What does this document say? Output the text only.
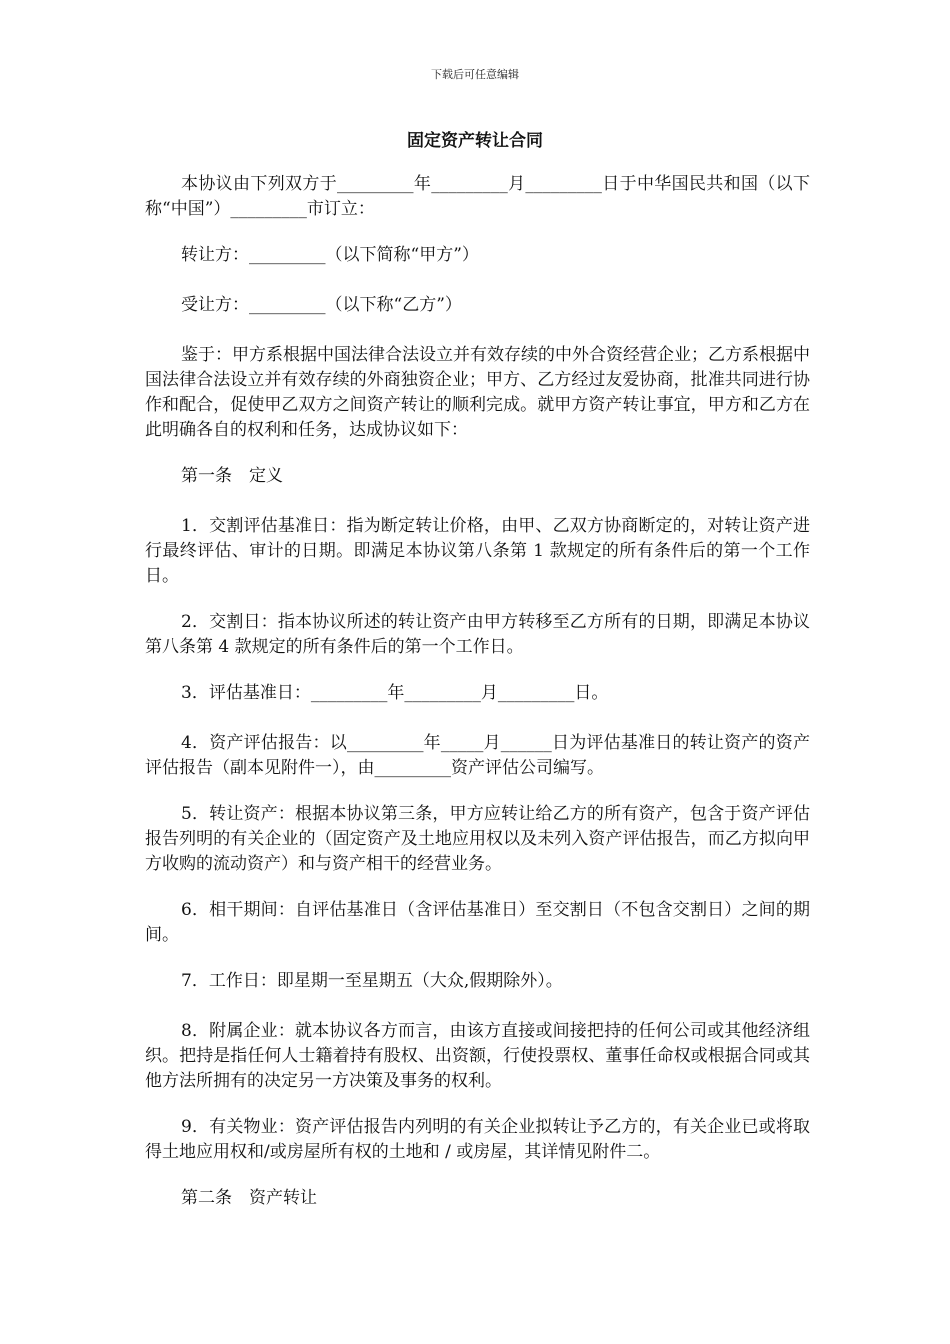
下载后可任意编辑
固定资产转让合同

本协议由下列双方于_________年_________月_________日于中华国民共和国（以下称“中国”）_________市订立：

转让方：_________（以下简称“甲方”）

受让方：_________（以下称“乙方”）

鉴于：甲方系根据中国法律合法设立并有效存续的中外合资经营企业；乙方系根据中国法律合法设立并有效存续的外商独资企业；甲方、乙方经过友爱协商，批准共同进行协作和配合，促使甲乙双方之间资产转让的顺利完成。就甲方资产转让事宜，甲方和乙方在此明确各自的权利和任务，达成协议如下：

第一条　定义

1．交割评估基准日：指为断定转让价格，由甲、乙双方协商断定的，对转让资产进行最终评估、审计的日期。即满足本协议第八条第 1 款规定的所有条件后的第一个工作日。

2．交割日：指本协议所述的转让资产由甲方转移至乙方所有的日期，即满足本协议第八条第 4 款规定的所有条件后的第一个工作日。

3．评估基准日：_________年_________月_________日。

4．资产评估报告：以_________年_____月______日为评估基准日的转让资产的资产评估报告（副本见附件一），由_________资产评估公司编写。

5．转让资产：根据本协议第三条，甲方应转让给乙方的所有资产，包含于资产评估报告列明的有关企业的（固定资产及土地应用权以及未列入资产评估报告，而乙方拟向甲方收购的流动资产）和与资产相干的经营业务。

6．相干期间：自评估基准日（含评估基准日）至交割日（不包含交割日）之间的期间。

7．工作日：即星期一至星期五（大众,假期除外）。

8．附属企业：就本协议各方而言，由该方直接或间接把持的任何公司或其他经济组织。把持是指任何人士籍着持有股权、出资额，行使投票权、董事任命权或根据合同或其他方法所拥有的决定另一方决策及事务的权利。

9．有关物业：资产评估报告内列明的有关企业拟转让予乙方的，有关企业已或将取得土地应用权和/或房屋所有权的土地和 / 或房屋，其详情见附件二。

第二条　资产转让
